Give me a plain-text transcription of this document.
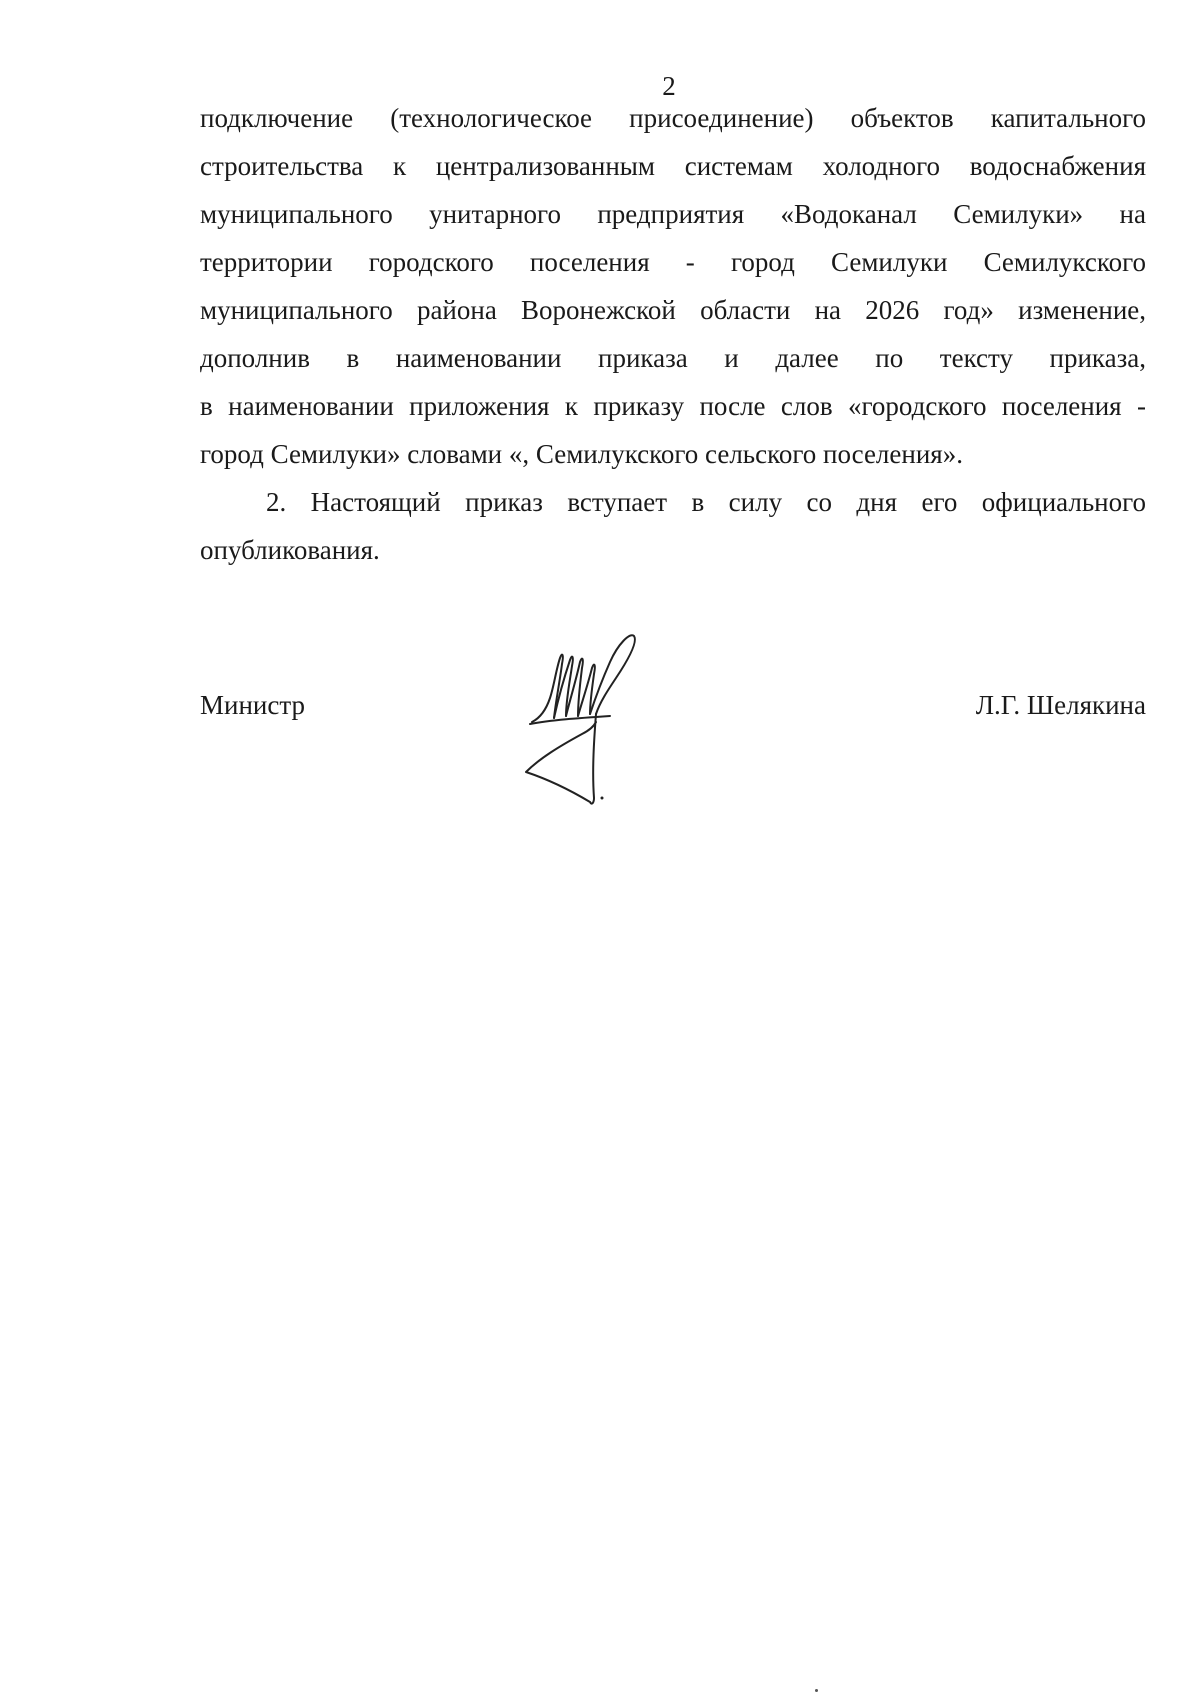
2

подключение (технологическое присоединение) объектов капитального
строительства к централизованным системам холодного водоснабжения
муниципального унитарного предприятия «Водоканал Семилуки» на
территории городского поселения - город Семилуки Семилукского
муниципального района Воронежской области на 2026 год» изменение,
дополнив в наименовании приказа и далее по тексту приказа,
в наименовании приложения к приказу после слов «городского поселения -
город Семилуки» словами «, Семилукского сельского поселения».

2. Настоящий приказ вступает в силу со дня его официального
опубликования.

Министр	Л.Г. Шелякина
